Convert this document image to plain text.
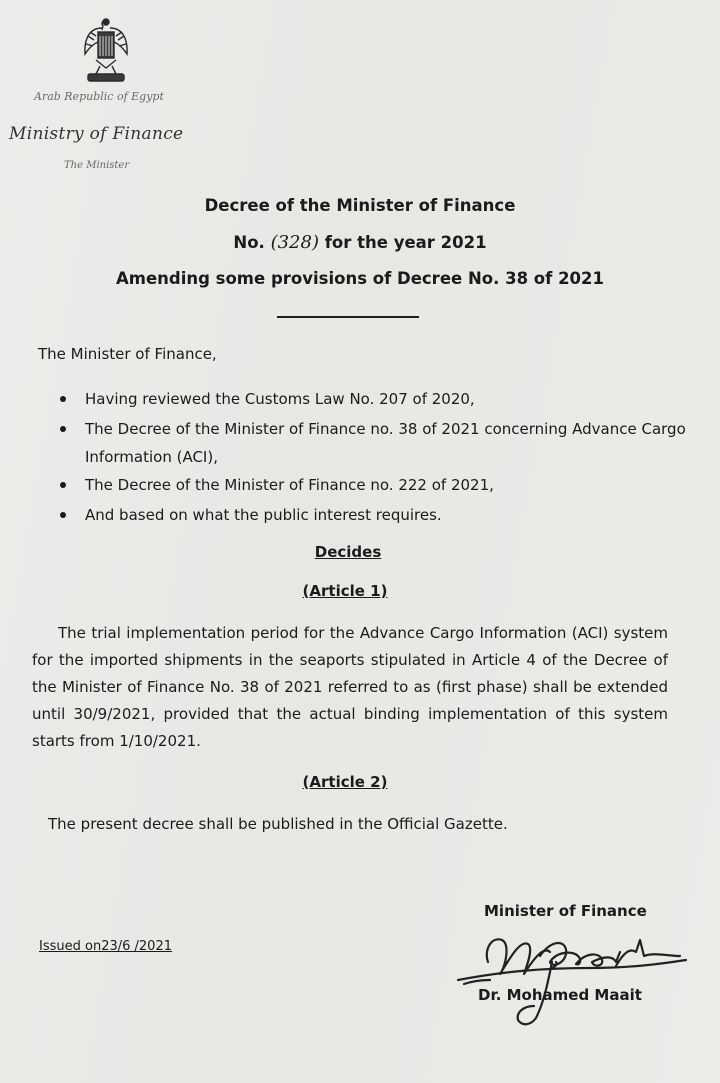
Arab Republic of Egypt
Ministry of Finance
The Minister
Decree of the Minister of Finance
No. (328) for the year 2021
Amending some provisions of Decree No. 38 of 2021
The Minister of Finance,
Having reviewed the Customs Law No. 207 of 2020,
The Decree of the Minister of Finance no. 38 of 2021 concerning Advance Cargo Information (ACI),
The Decree of the Minister of Finance no. 222 of 2021,
And based on what the public interest requires.
Decides
(Article 1)
The trial implementation period for the Advance Cargo Information (ACI) system for the imported shipments in the seaports stipulated in Article 4 of the Decree of the Minister of Finance No. 38 of 2021 referred to as (first phase) shall be extended until 30/9/2021, provided that the actual binding implementation of this system starts from 1/10/2021.
(Article 2)
The present decree shall be published in the Official Gazette.
Minister of Finance
Issued on23/6 /2021
Dr. Mohamed Maait
